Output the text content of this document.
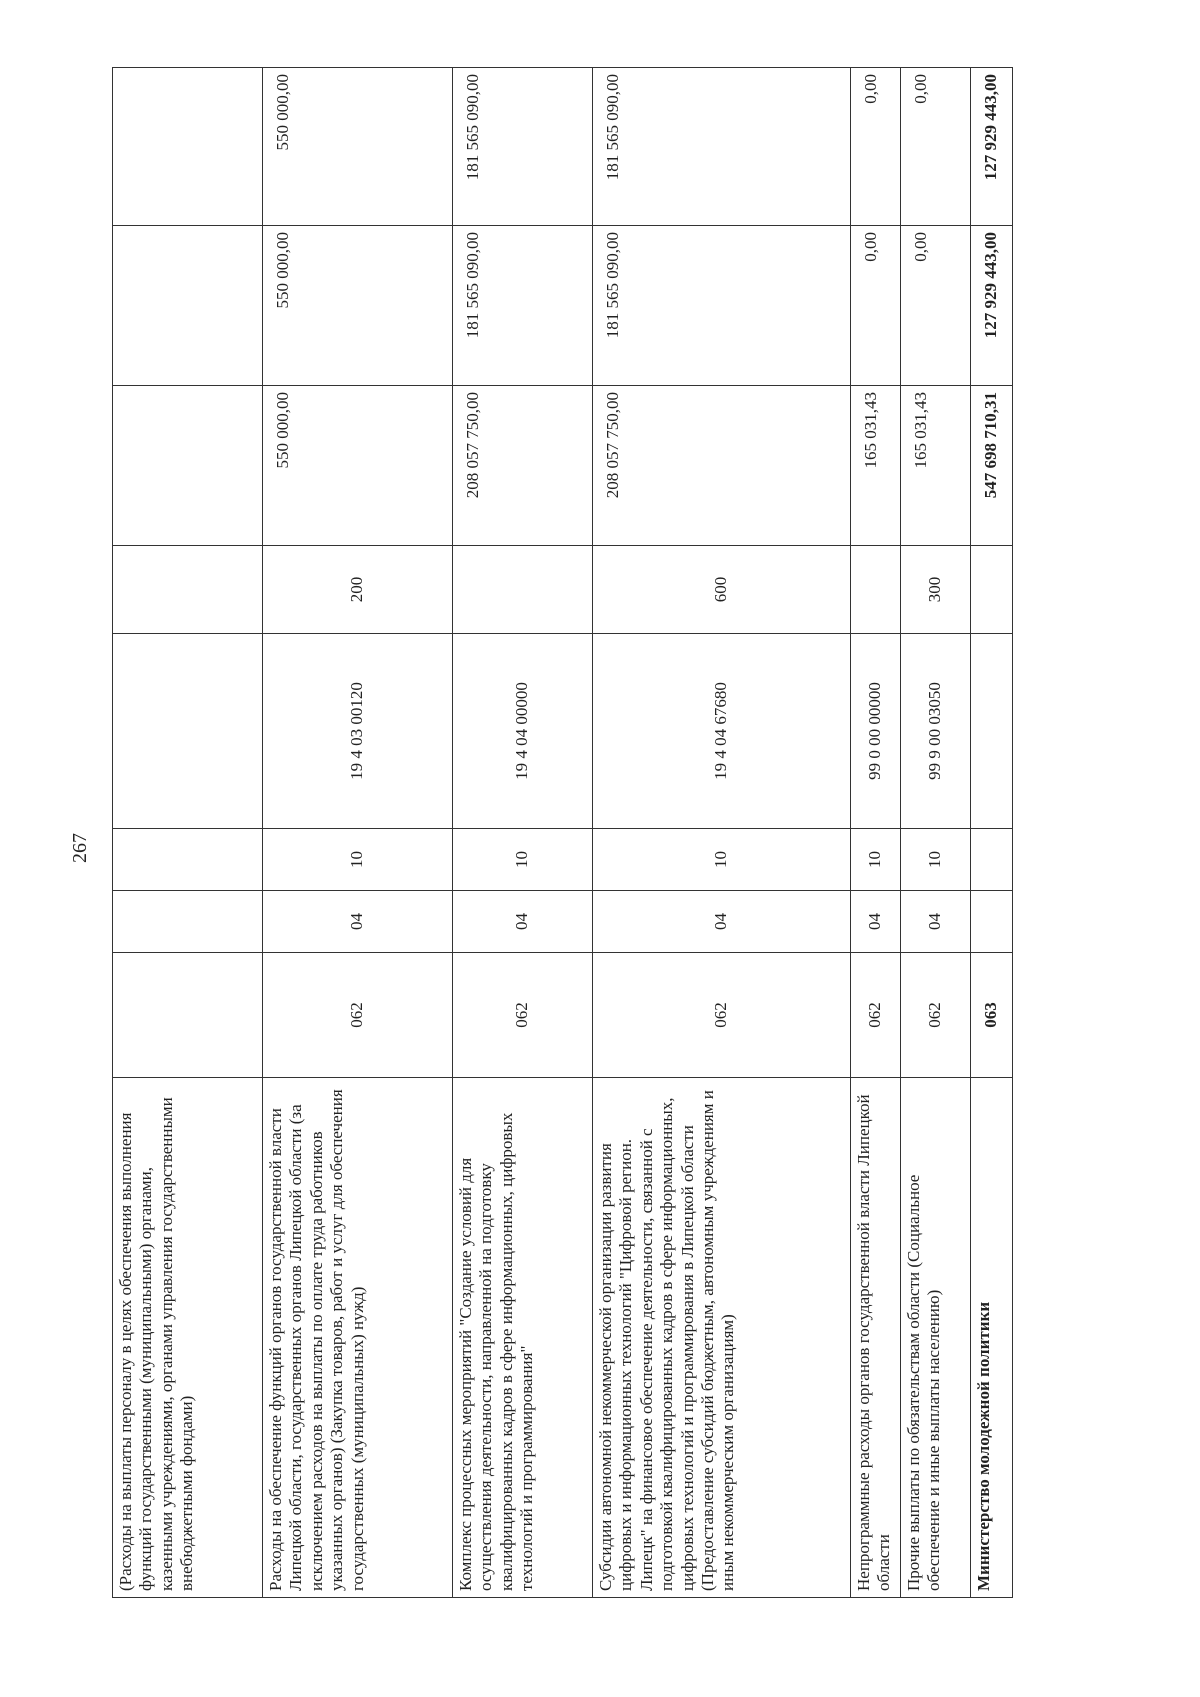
267
(Расходы на выплаты персоналу в целях обеспечения выполнения функций государственными (муниципальными) органами, казенными учреждениями, органами управления государственными внебюджетными фондами)								
Расходы на обеспечение функций органов государственной власти Липецкой области, государственных органов Липецкой области (за исключением расходов на выплаты по оплате труда работников указанных органов) (Закупка товаров, работ и услуг для обеспечения государственных (муниципальных) нужд)	062	04	10	19 4 03 00120	200	550 000,00	550 000,00	550 000,00
Комплекс процессных мероприятий "Создание условий для осуществления деятельности, направленной на подготовку квалифицированных кадров в сфере информационных, цифровых технологий и программирования"	062	04	10	19 4 04 00000		208 057 750,00	181 565 090,00	181 565 090,00
Субсидии автономной некоммерческой организации развития цифровых и информационных технологий "Цифровой регион. Липецк" на финансовое обеспечение деятельности, связанной с подготовкой квалифицированных кадров в сфере информационных, цифровых технологий и программирования в Липецкой области (Предоставление субсидий бюджетным, автономным учреждениям и иным некоммерческим организациям)	062	04	10	19 4 04 67680	600	208 057 750,00	181 565 090,00	181 565 090,00
Непрограммные расходы органов государственной власти Липецкой области	062	04	10	99 0 00 00000		165 031,43	0,00	0,00
Прочие выплаты по обязательствам области (Социальное обеспечение и иные выплаты населению)	062	04	10	99 9 00 03050	300	165 031,43	0,00	0,00
Министерство молодежной политики	063					547 698 710,31	127 929 443,00	127 929 443,00
